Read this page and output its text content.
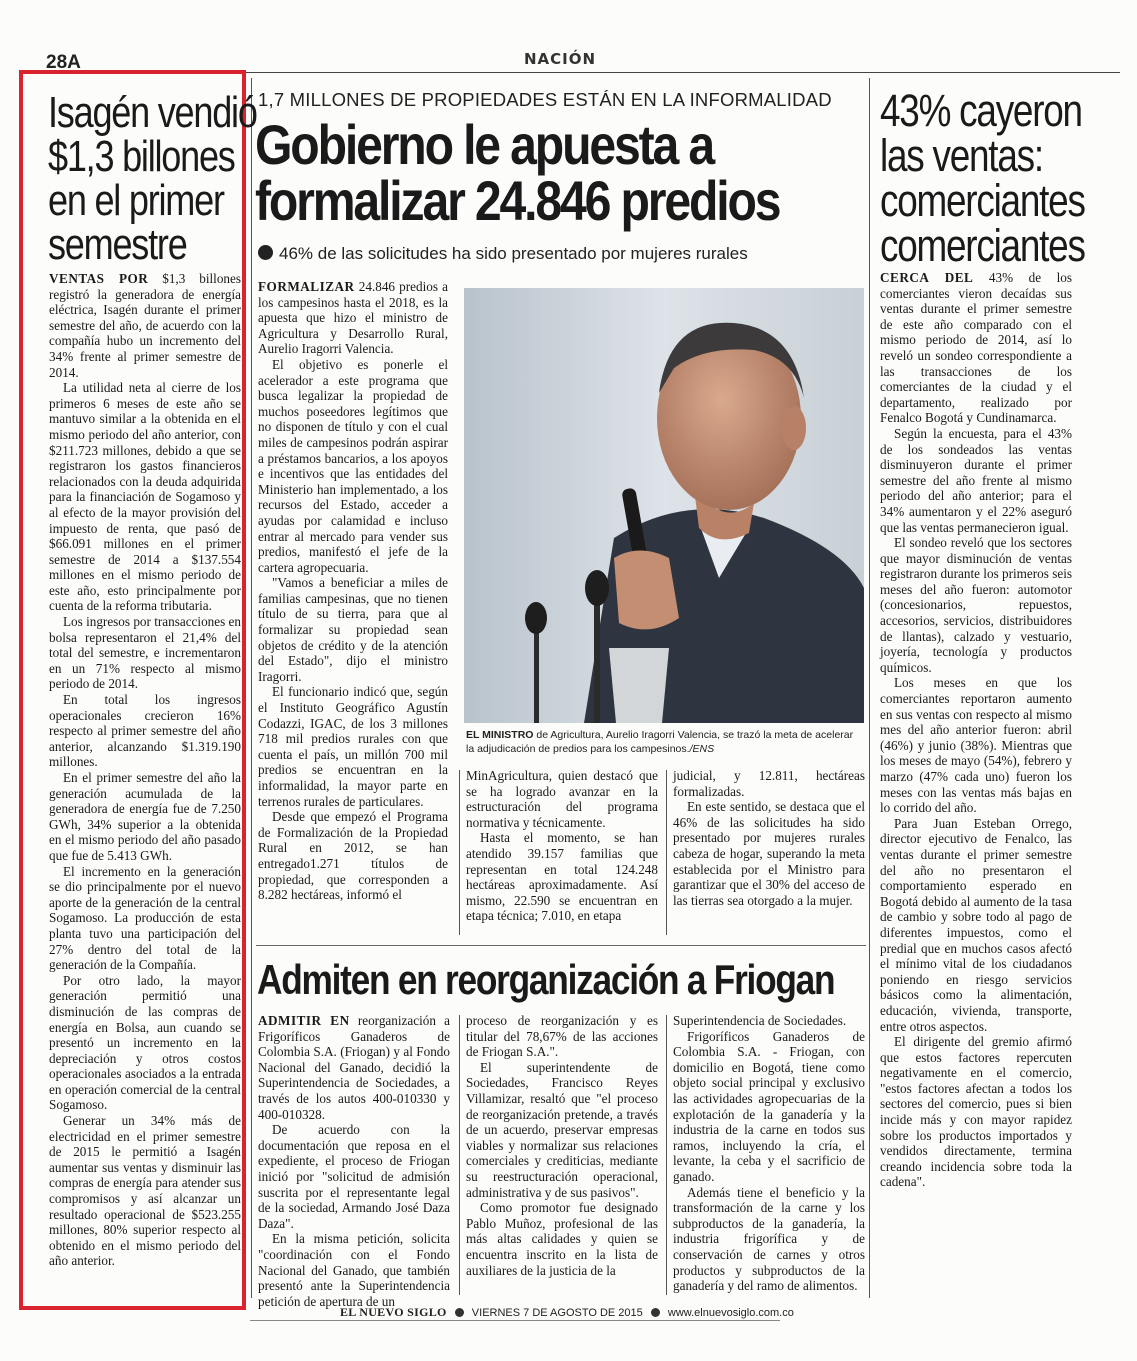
28A	NACIÓN
Isagén vendió
$1,3 billones
en el primer
semestre

VENTAS POR $1,3 billones registró la generadora de energía eléctrica, Isagén durante el primer semestre del año, de acuerdo con la compañía hubo un incremento del 34% frente al primer semestre de 2014.

La utilidad neta al cierre de los primeros 6 meses de este año se mantuvo similar a la obtenida en el mismo periodo del año anterior, con $211.723 millones, debido a que se registraron los gastos financieros relacionados con la deuda adquirida para la financiación de Sogamoso y al efecto de la mayor provisión del impuesto de renta, que pasó de $66.091 millones en el primer semestre de 2014 a $137.554 millones en el mismo periodo de este año, esto principalmente por cuenta de la reforma tributaria.

Los ingresos por transacciones en bolsa representaron el 21,4% del total del semestre, e incrementaron en un 71% respecto al mismo periodo de 2014.

En total los ingresos operacionales crecieron 16% respecto al primer semestre del año anterior, alcanzando $1.319.190 millones.

En el primer semestre del año la generación acumulada de la generadora de energía fue de 7.250 GWh, 34% superior a la obtenida en el mismo periodo del año pasado que fue de 5.413 GWh.

El incremento en la generación se dio principalmente por el nuevo aporte de la generación de la central Sogamoso. La producción de esta planta tuvo una participación del 27% dentro del total de la generación de la Compañía.

Por otro lado, la mayor generación permitió una disminución de las compras de energía en Bolsa, aun cuando se presentó un incremento en la depreciación y otros costos operacionales asociados a la entrada en operación comercial de la central Sogamoso.

Generar un 34% más de electricidad en el primer semestre de 2015 le permitió a Isagén aumentar sus ventas y disminuir las compras de energía para atender sus compromisos y así alcanzar un resultado operacional de $523.255 millones, 80% superior respecto al obtenido en el mismo periodo del año anterior.

1,7 MILLONES DE PROPIEDADES ESTÁN EN LA INFORMALIDAD
Gobierno le apuesta a
formalizar 24.846 predios
46% de las solicitudes ha sido presentado por mujeres rurales

FORMALIZAR 24.846 predios a los campesinos hasta el 2018, es la apuesta que hizo el ministro de Agricultura y Desarrollo Rural, Aurelio Iragorri Valencia.

El objetivo es ponerle el acelerador a este programa que busca legalizar la propiedad de muchos poseedores legítimos que no disponen de título y con el cual miles de campesinos podrán aspirar a préstamos bancarios, a los apoyos e incentivos que las entidades del Ministerio han implementado, a los recursos del Estado, acceder a ayudas por calamidad e incluso entrar al mercado para vender sus predios, manifestó el jefe de la cartera agropecuaria.

"Vamos a beneficiar a miles de familias campesinas, que no tienen título de su tierra, para que al formalizar su propiedad sean objetos de crédito y de la atención del Estado", dijo el ministro Iragorri.

El funcionario indicó que, según el Instituto Geográfico Agustín Codazzi, IGAC, de los 3 millones 718 mil predios rurales con que cuenta el país, un millón 700 mil predios se encuentran en la informalidad, la mayor parte en terrenos rurales de particulares.

Desde que empezó el Programa de Formalización de la Propiedad Rural en 2012, se han entregado1.271 títulos de propiedad, que corresponden a 8.282 hectáreas, informó el

EL MINISTRO de Agricultura, Aurelio Iragorri Valencia, se trazó la meta de acelerar la adjudicación de predios para los campesinos./ENS

MinAgricultura, quien destacó que se ha logrado avanzar en la estructuración del programa normativa y técnicamente.

Hasta el momento, se han atendido 39.157 familias que representan en total 124.248 hectáreas aproximadamente. Así mismo, 22.590 se encuentran en etapa técnica; 7.010, en etapa

judicial, y 12.811, hectáreas formalizadas.

En este sentido, se destaca que el 46% de las solicitudes ha sido presentado por mujeres rurales cabeza de hogar, superando la meta establecida por el Ministro para garantizar que el 30% del acceso de las tierras sea otorgado a la mujer.

Admiten en reorganización a Friogan

ADMITIR EN reorganización a Frigoríficos Ganaderos de Colombia S.A. (Friogan) y al Fondo Nacional del Ganado, decidió la Superintendencia de Sociedades, a través de los autos 400-010330 y 400-010328.

De acuerdo con la documentación que reposa en el expediente, el proceso de Friogan inició por "solicitud de admisión suscrita por el representante legal de la sociedad, Armando José Daza Daza".

En la misma petición, solicita "coordinación con el Fondo Nacional del Ganado, que también presentó ante la Superintendencia petición de apertura de un

proceso de reorganización y es titular del 78,67% de las acciones de Friogan S.A.".

El superintendente de Sociedades, Francisco Reyes Villamizar, resaltó que "el proceso de reorganización pretende, a través de un acuerdo, preservar empresas viables y normalizar sus relaciones comerciales y crediticias, mediante su reestructuración operacional, administrativa y de sus pasivos".

Como promotor fue designado Pablo Muñoz, profesional de las más altas calidades y quien se encuentra inscrito en la lista de auxiliares de la justicia de la

Superintendencia de Sociedades.

Frigoríficos Ganaderos de Colombia S.A. - Friogan, con domicilio en Bogotá, tiene como objeto social principal y exclusivo las actividades agropecuarias de la explotación de la ganadería y la industria de la carne en todos sus ramos, incluyendo la cría, el levante, la ceba y el sacrificio de ganado.

Además tiene el beneficio y la transformación de la carne y los subproductos de la ganadería, la industria frigorífica y de conservación de carnes y otros productos y subproductos de la ganadería y del ramo de alimentos.

43% cayeron
las ventas:
comerciantes
comerciantes

CERCA DEL 43% de los comerciantes vieron decaídas sus ventas durante el primer semestre de este año comparado con el mismo periodo de 2014, así lo reveló un sondeo correspondiente a las transacciones de los comerciantes de la ciudad y el departamento, realizado por Fenalco Bogotá y Cundinamarca.

Según la encuesta, para el 43% de los sondeados las ventas disminuyeron durante el primer semestre del año frente al mismo periodo del año anterior; para el 34% aumentaron y el 22% aseguró que las ventas permanecieron igual.

El sondeo reveló que los sectores que mayor disminución de ventas registraron durante los primeros seis meses del año fueron: automotor (concesionarios, repuestos, accesorios, servicios, distribuidores de llantas), calzado y vestuario, joyería, tecnología y productos químicos.

Los meses en que los comerciantes reportaron aumento en sus ventas con respecto al mismo mes del año anterior fueron: abril (46%) y junio (38%). Mientras que los meses de mayo (54%), febrero y marzo (47% cada uno) fueron los meses con las ventas más bajas en lo corrido del año.

Para Juan Esteban Orrego, director ejecutivo de Fenalco, las ventas durante el primer semestre del año no presentaron el comportamiento esperado en Bogotá debido al aumento de la tasa de cambio y sobre todo al pago de diferentes impuestos, como el predial que en muchos casos afectó el mínimo vital de los ciudadanos poniendo en riesgo servicios básicos como la alimentación, educación, vivienda, transporte, entre otros aspectos.

El dirigente del gremio afirmó que estos factores repercuten negativamente en el comercio, "estos factores afectan a todos los sectores del comercio, pues si bien incide más y con mayor rapidez sobre los productos importados y vendidos directamente, termina creando incidencia sobre toda la cadena".

EL NUEVO SIGLO VIERNES 7 DE AGOSTO DE 2015 www.elnuevosiglo.com.co
